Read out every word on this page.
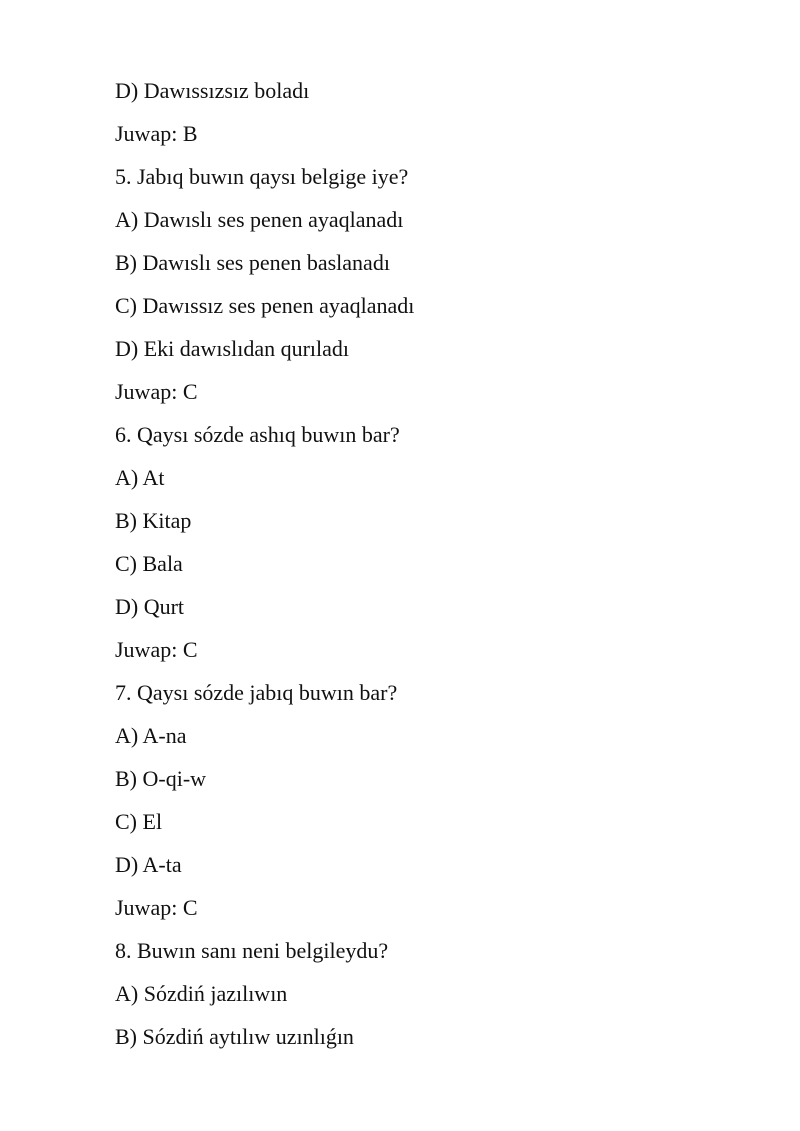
D) Dawıssızsız boladı
Juwap: B
5. Jabıq buwın qaysı belgige iye?
A) Dawıslı ses penen ayaqlanadı
B) Dawıslı ses penen baslanadı
C) Dawıssız ses penen ayaqlanadı
D) Eki dawıslıdan qurıladı
Juwap: C
6. Qaysı sózde ashıq buwın bar?
A) At
B) Kitap
C) Bala
D) Qurt
Juwap: C
7. Qaysı sózde jabıq buwın bar?
A) A-na
B) O-qi-w
C) El
D) A-ta
Juwap: C
8. Buwın sanı neni belgileydu?
A) Sózdiń jazılıwın
B) Sózdiń aytılıw uzınlıǵın
